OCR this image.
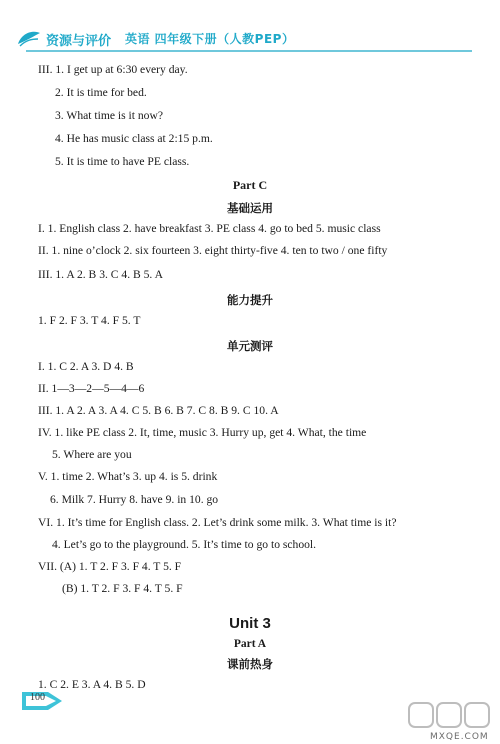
资源与评价 英语 四年级下册（人教PEP）
III. 1. I get up at 6:30 every day.
2. It is time for bed.
3. What time is it now?
4. He has music class at 2:15 p.m.
5. It is time to have PE class.
Part C
基础运用
I. 1. English class 2. have breakfast 3. PE class 4. go to bed 5. music class
II. 1. nine o’clock 2. six fourteen 3. eight thirty-five 4. ten to two / one fifty
III. 1. A 2. B 3. C 4. B 5. A
能力提升
1. F 2. F 3. T 4. F 5. T
单元测评
I. 1. C 2. A 3. D 4. B
II. 1—3—2—5—4—6
III. 1. A 2. A 3. A 4. C 5. B 6. B 7. C 8. B 9. C 10. A
IV. 1. like PE class 2. It, time, music 3. Hurry up, get 4. What, the time
5. Where are you
V. 1. time 2. What’s 3. up 4. is 5. drink
6. Milk 7. Hurry 8. have 9. in 10. go
VI. 1. It’s time for English class. 2. Let’s drink some milk. 3. What time is it?
4. Let’s go to the playground. 5. It’s time to go to school.
VII. (A) 1. T 2. F 3. F 4. T 5. F
(B) 1. T 2. F 3. F 4. T 5. F
Unit 3
Part A
课前热身
1. C 2. E 3. A 4. B 5. D
100
MXQE.COM
